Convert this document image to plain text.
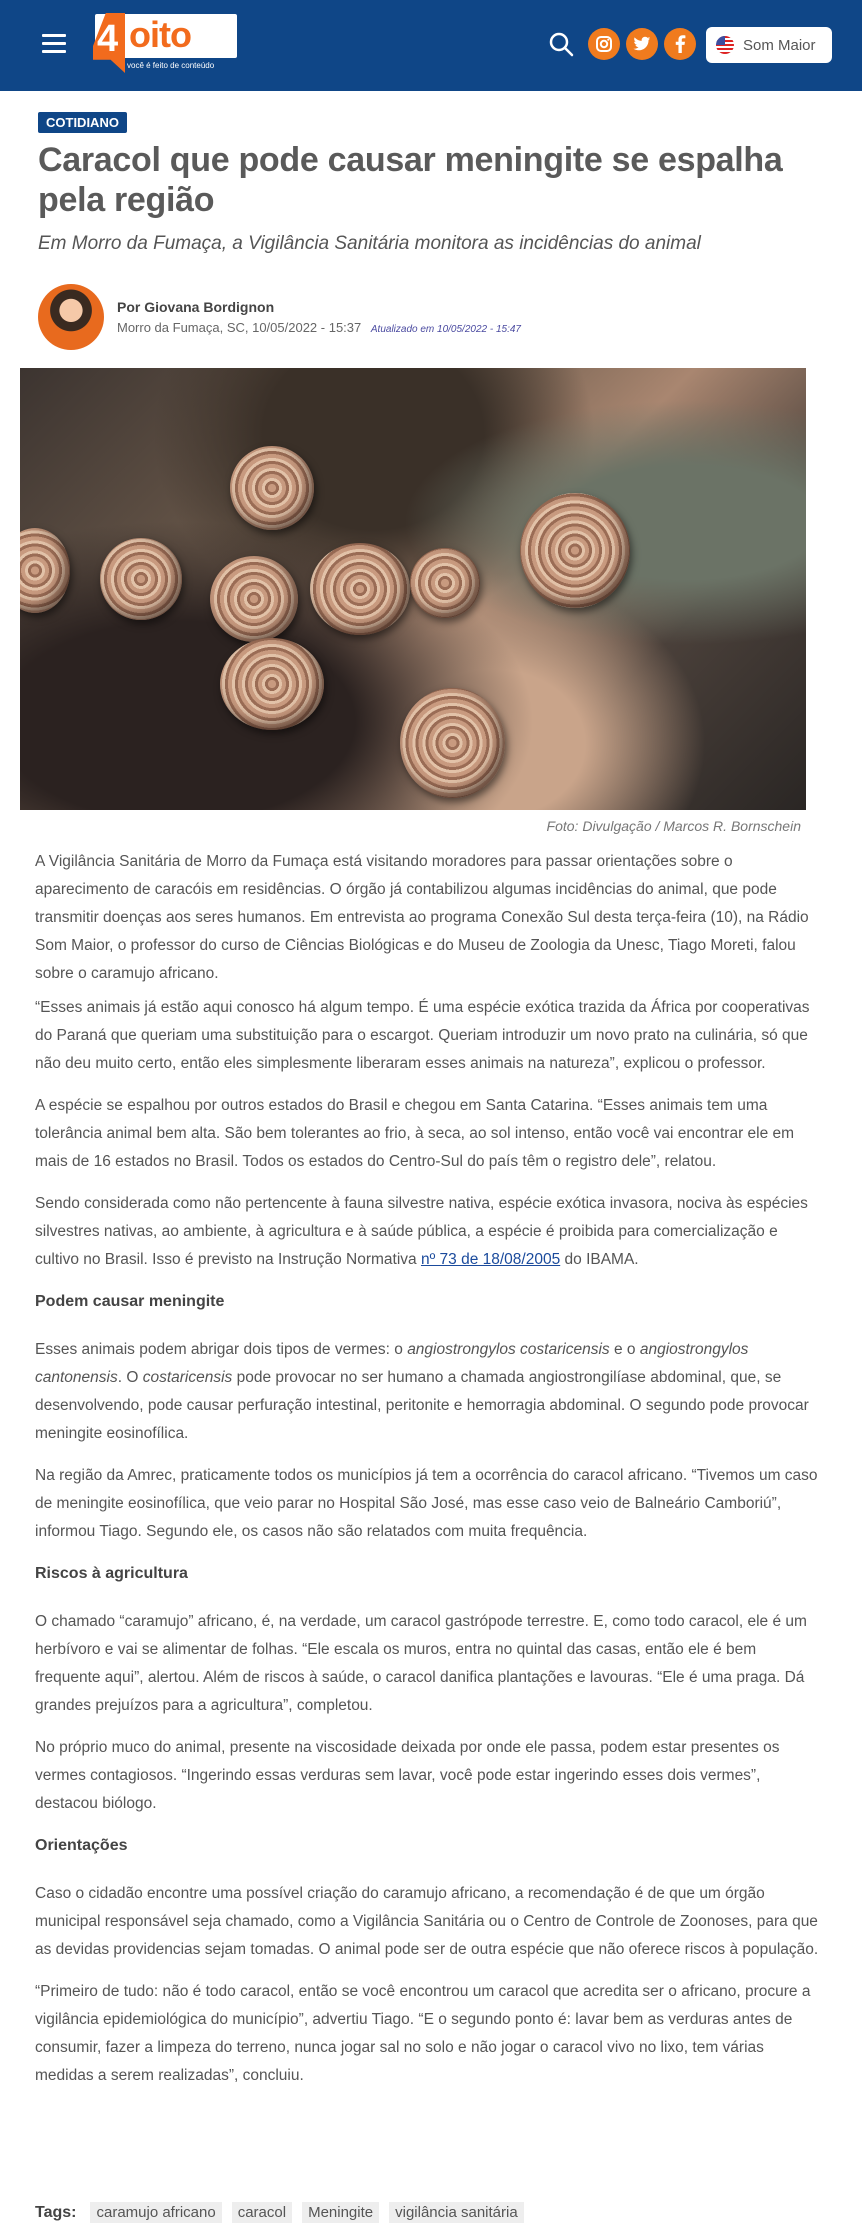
4 oito
você é feito de conteúdo
Som Maior
COTIDIANO
Caracol que pode causar meningite se espalha pela região
Em Morro da Fumaça, a Vigilância Sanitária monitora as incidências do animal
Por Giovana Bordignon
Morro da Fumaça, SC, 10/05/2022 - 15:37 Atualizado em 10/05/2022 - 15:47
Foto: Divulgação / Marcos R. Bornschein

A Vigilância Sanitária de Morro da Fumaça está visitando moradores para passar orientações sobre o aparecimento de caracóis em residências. O órgão já contabilizou algumas incidências do animal, que pode transmitir doenças aos seres humanos. Em entrevista ao programa Conexão Sul desta terça-feira (10), na Rádio Som Maior, o professor do curso de Ciências Biológicas e do Museu de Zoologia da Unesc, Tiago Moreti, falou sobre o caramujo africano.

“Esses animais já estão aqui conosco há algum tempo. É uma espécie exótica trazida da África por cooperativas do Paraná que queriam uma substituição para o escargot. Queriam introduzir um novo prato na culinária, só que não deu muito certo, então eles simplesmente liberaram esses animais na natureza”, explicou o professor.

A espécie se espalhou por outros estados do Brasil e chegou em Santa Catarina. “Esses animais tem uma tolerância animal bem alta. São bem tolerantes ao frio, à seca, ao sol intenso, então você vai encontrar ele em mais de 16 estados no Brasil. Todos os estados do Centro-Sul do país têm o registro dele”, relatou.

Sendo considerada como não pertencente à fauna silvestre nativa, espécie exótica invasora, nociva às espécies silvestres nativas, ao ambiente, à agricultura e à saúde pública, a espécie é proibida para comercialização e cultivo no Brasil. Isso é previsto na Instrução Normativa nº 73 de 18/08/2005 do IBAMA.

Podem causar meningite

Esses animais podem abrigar dois tipos de vermes: o angiostrongylos costaricensis e o angiostrongylos cantonensis. O costaricensis pode provocar no ser humano a chamada angiostrongilíase abdominal, que, se desenvolvendo, pode causar perfuração intestinal, peritonite e hemorragia abdominal. O segundo pode provocar meningite eosinofílica.

Na região da Amrec, praticamente todos os municípios já tem a ocorrência do caracol africano. “Tivemos um caso de meningite eosinofílica, que veio parar no Hospital São José, mas esse caso veio de Balneário Camboriú”, informou Tiago. Segundo ele, os casos não são relatados com muita frequência.

Riscos à agricultura

O chamado “caramujo” africano, é, na verdade, um caracol gastrópode terrestre. E, como todo caracol, ele é um herbívoro e vai se alimentar de folhas. “Ele escala os muros, entra no quintal das casas, então ele é bem frequente aqui”, alertou. Além de riscos à saúde, o caracol danifica plantações e lavouras. “Ele é uma praga. Dá grandes prejuízos para a agricultura”, completou.

No próprio muco do animal, presente na viscosidade deixada por onde ele passa, podem estar presentes os vermes contagiosos. “Ingerindo essas verduras sem lavar, você pode estar ingerindo esses dois vermes”, destacou biólogo.

Orientações

Caso o cidadão encontre uma possível criação do caramujo africano, a recomendação é de que um órgão municipal responsável seja chamado, como a Vigilância Sanitária ou o Centro de Controle de Zoonoses, para que as devidas providencias sejam tomadas. O animal pode ser de outra espécie que não oferece riscos à população.

“Primeiro de tudo: não é todo caracol, então se você encontrou um caracol que acredita ser o africano, procure a vigilância epidemiológica do município”, advertiu Tiago. “E o segundo ponto é: lavar bem as verduras antes de consumir, fazer a limpeza do terreno, nunca jogar sal no solo e não jogar o caracol vivo no lixo, tem várias medidas a serem realizadas”, concluiu.

Tags:	caramujo africano	caracol	Meningite	vigilância sanitária
